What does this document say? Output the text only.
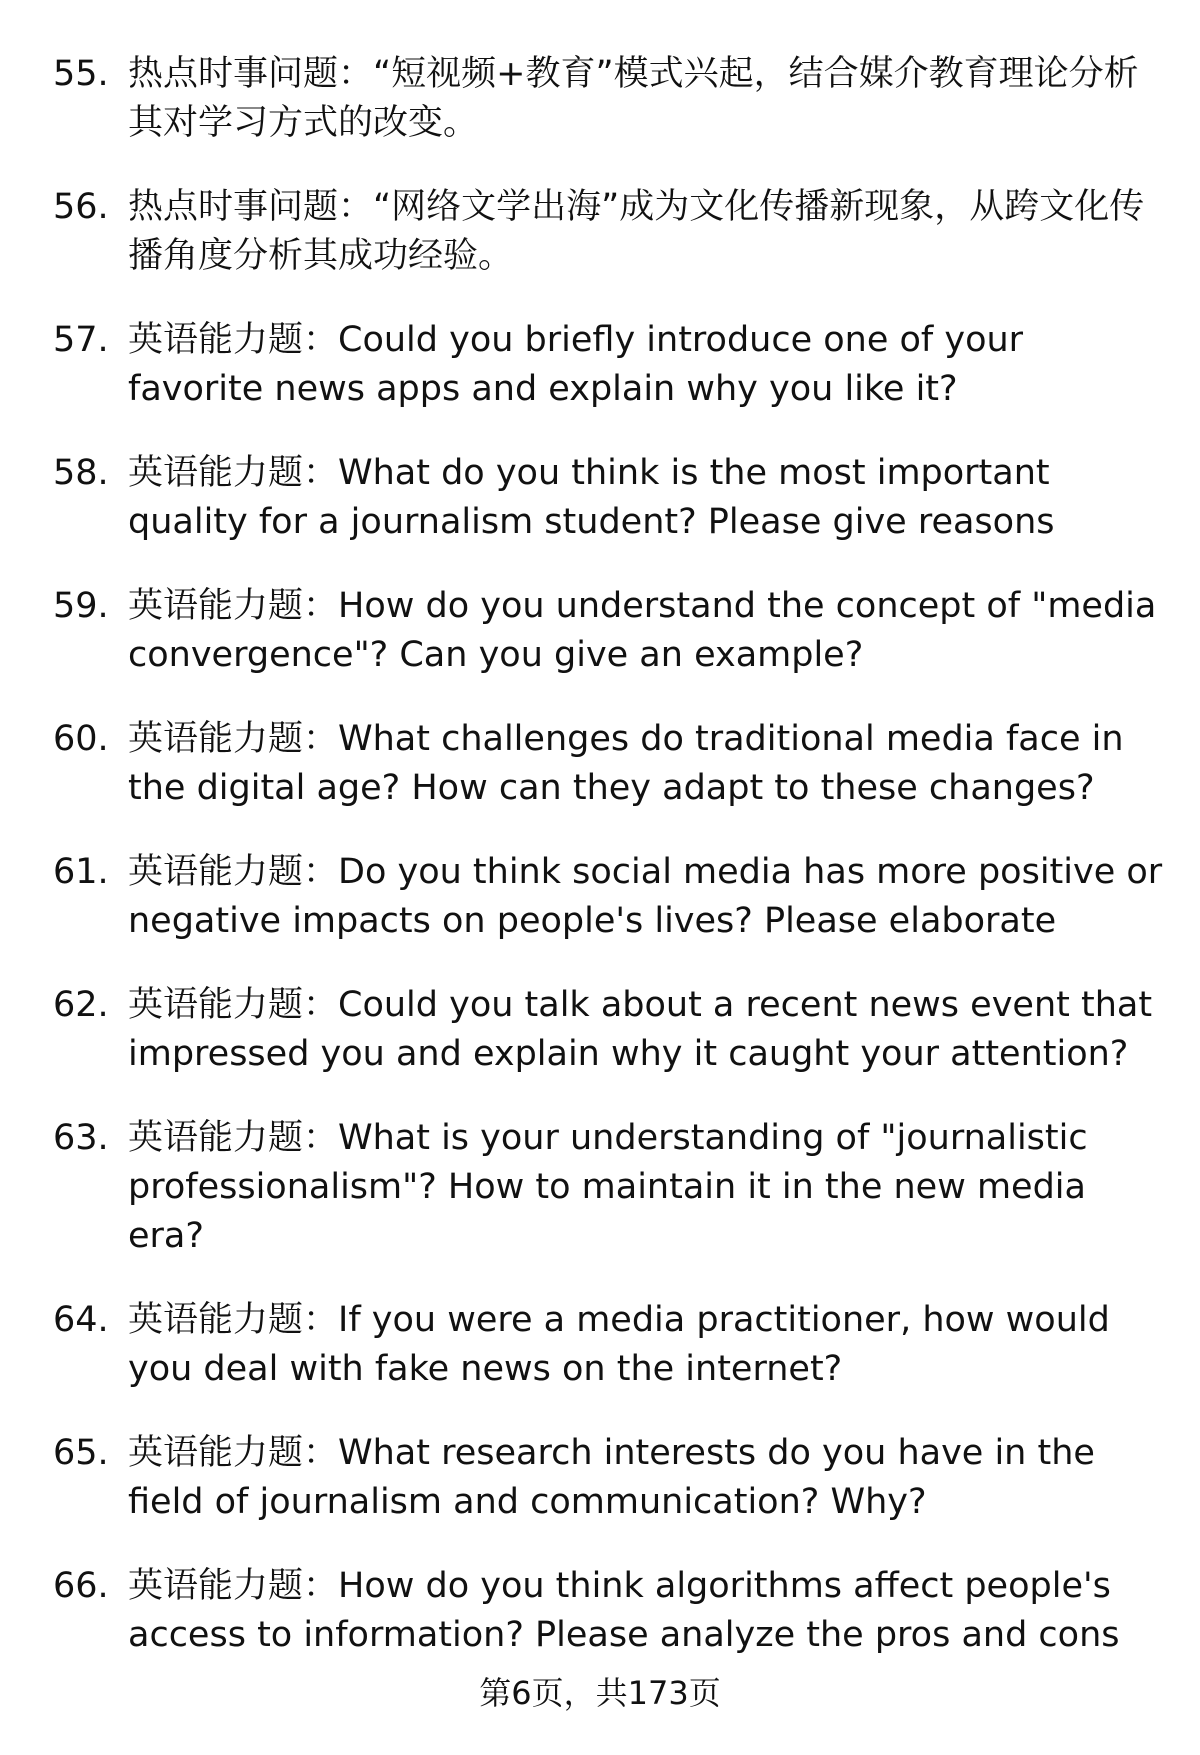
55. 热点时事问题：“短视频+教育”模式兴起，结合媒介教育理论分析其对学习方式的改变。
56. 热点时事问题：“网络文学出海”成为文化传播新现象，从跨文化传播角度分析其成功经验。
57. 英语能力题：Could you briefly introduce one of your favorite news apps and explain why you like it?
58. 英语能力题：What do you think is the most important quality for a journalism student? Please give reasons
59. 英语能力题：How do you understand the concept of "media convergence"? Can you give an example?
60. 英语能力题：What challenges do traditional media face in the digital age? How can they adapt to these changes?
61. 英语能力题：Do you think social media has more positive or negative impacts on people's lives? Please elaborate
62. 英语能力题：Could you talk about a recent news event that impressed you and explain why it caught your attention?
63. 英语能力题：What is your understanding of "journalistic professionalism"? How to maintain it in the new media era?
64. 英语能力题：If you were a media practitioner, how would you deal with fake news on the internet?
65. 英语能力题：What research interests do you have in the field of journalism and communication? Why?
66. 英语能力题：How do you think algorithms affect people's access to information? Please analyze the pros and cons
第6页，共173页
